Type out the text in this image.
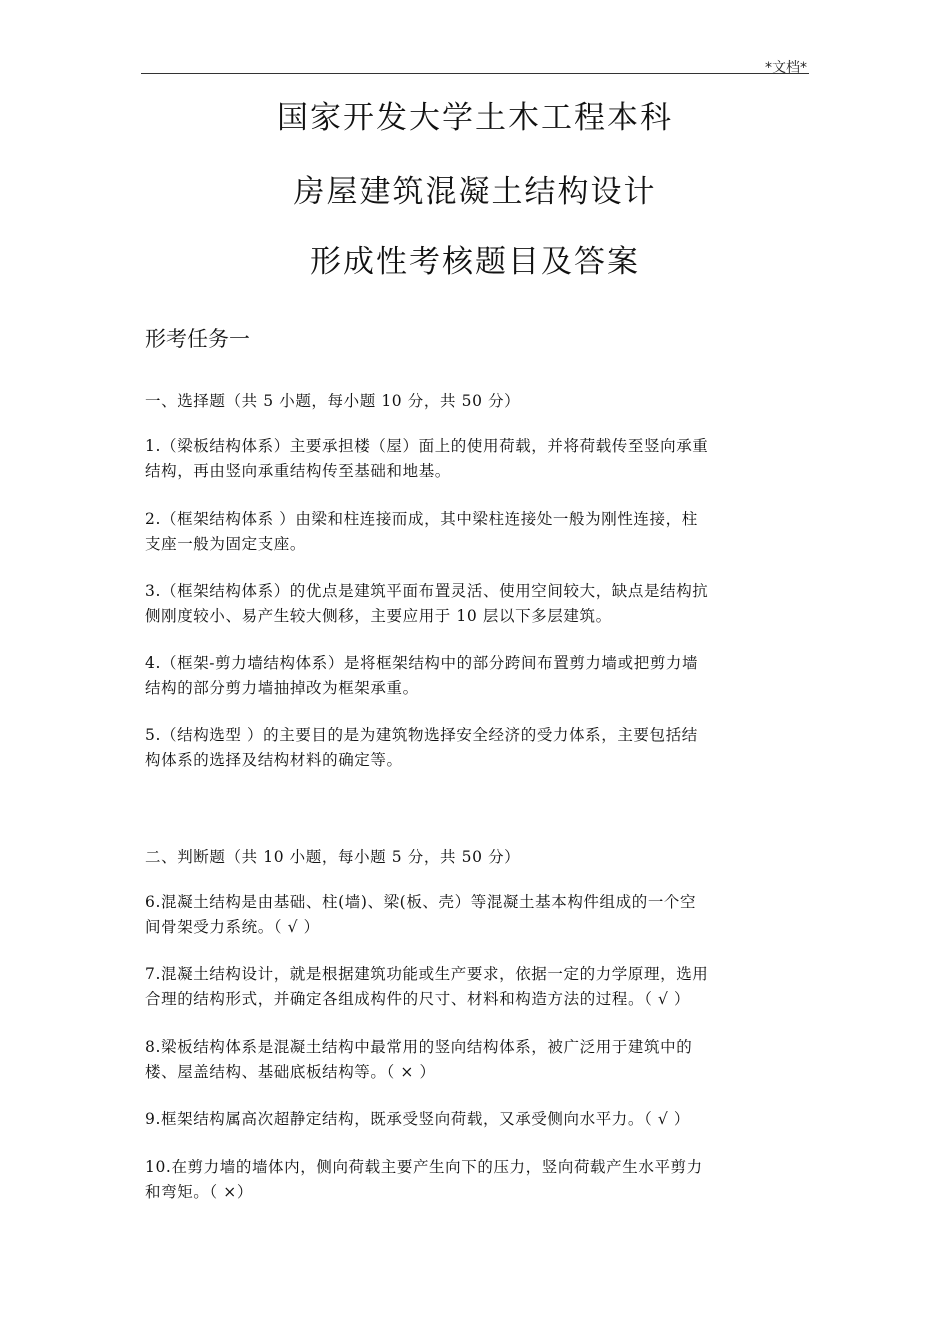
*文档*
国家开发大学土木工程本科
房屋建筑混凝土结构设计
形成性考核题目及答案
形考任务一
一、选择题（共 5 小题，每小题 10 分，共 50 分）

1.（梁板结构体系）主要承担楼（屋）面上的使用荷载，并将荷载传至竖向承重

结构，再由竖向承重结构传至基础和地基。

2.（框架结构体系 ）由梁和柱连接而成，其中梁柱连接处一般为刚性连接，柱

支座一般为固定支座。

3.（框架结构体系）的优点是建筑平面布置灵活、使用空间较大，缺点是结构抗

侧刚度较小、易产生较大侧移，主要应用于 10 层以下多层建筑。

4.（框架-剪力墙结构体系）是将框架结构中的部分跨间布置剪力墙或把剪力墙

结构的部分剪力墙抽掉改为框架承重。

5.（结构选型 ）的主要目的是为建筑物选择安全经济的受力体系，主要包括结

构体系的选择及结构材料的确定等。

二、判断题（共 10 小题，每小题 5 分，共 50 分）

6.混凝土结构是由基础、柱(墙)、梁(板、壳）等混凝土基本构件组成的一个空

间骨架受力系统。（ √ ）

7.混凝土结构设计，就是根据建筑功能或生产要求，依据一定的力学原理，选用

合理的结构形式，并确定各组成构件的尺寸、材料和构造方法的过程。（ √ ）

8.梁板结构体系是混凝土结构中最常用的竖向结构体系，被广泛用于建筑中的

楼、屋盖结构、基础底板结构等。（ × ）

9.框架结构属高次超静定结构，既承受竖向荷载，又承受侧向水平力。（ √ ）

10.在剪力墙的墙体内，侧向荷载主要产生向下的压力，竖向荷载产生水平剪力

和弯矩。（ ×）
